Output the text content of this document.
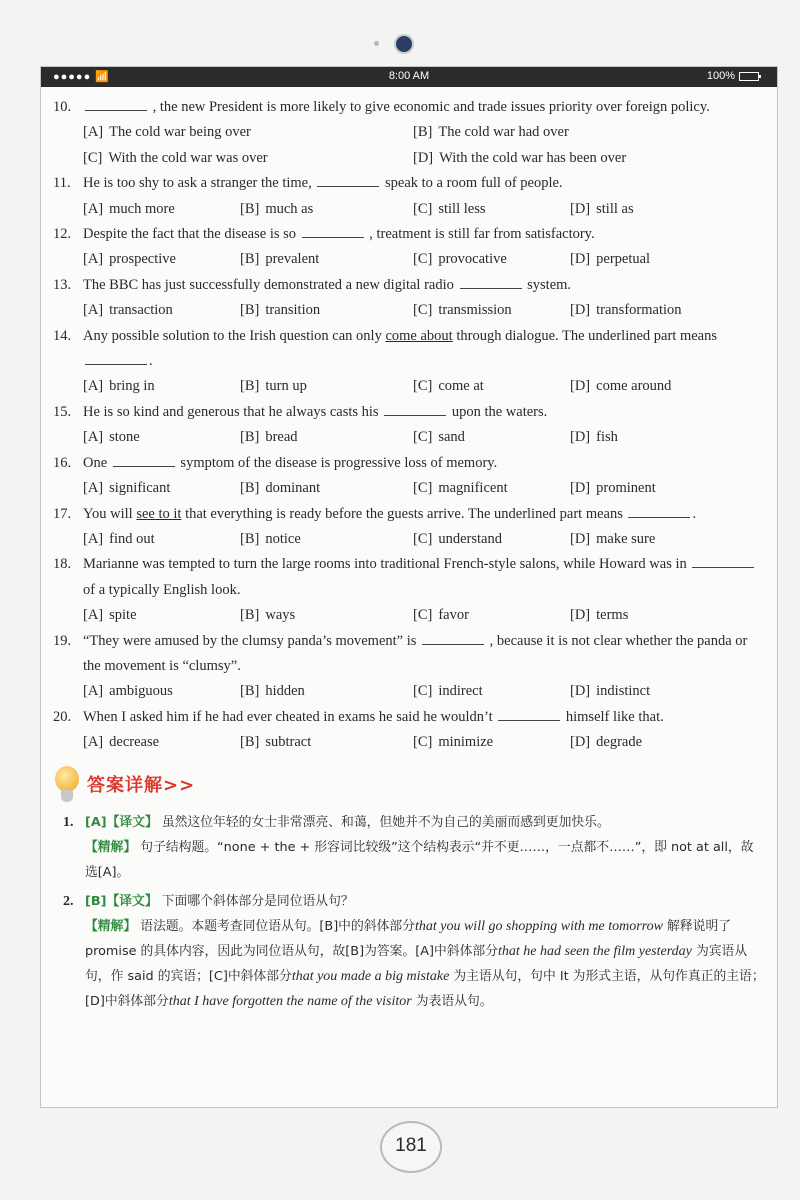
●●●●● 📶	8:00 AM	100%
10.	, the new President is more likely to give economic and trade issues priority over foreign policy.
[A] The cold war being over	[B] The cold war had over
[C] With the cold war was over	[D] With the cold war has been over
11. He is too shy to ask a stranger the time,	speak to a room full of people.
[A] much more	[B] much as	[C] still less	[D] still as
12. Despite the fact that the disease is so	, treatment is still far from satisfactory.
[A] prospective	[B] prevalent	[C] provocative	[D] perpetual
13. The BBC has just successfully demonstrated a new digital radio	system.
[A] transaction	[B] transition	[C] transmission	[D] transformation
14. Any possible solution to the Irish question can only come about through dialogue. The underlined part means .
[A] bring in	[B] turn up	[C] come at	[D] come around
15. He is so kind and generous that he always casts his	upon the waters.
[A] stone	[B] bread	[C] sand	[D] fish
16. One	symptom of the disease is progressive loss of memory.
[A] significant	[B] dominant	[C] magnificent	[D] prominent
17. You will see to it that everything is ready before the guests arrive. The underlined part means	.
[A] find out	[B] notice	[C] understand	[D] make sure
18. Marianne was tempted to turn the large rooms into traditional French-style salons, while Howard was in  of a typically English look.
[A] spite	[B] ways	[C] favor	[D] terms
19. “They were amused by the clumsy panda’s movement” is	, because it is not clear whether the panda or the movement is “clumsy”.
[A] ambiguous	[B] hidden	[C] indirect	[D] indistinct
20. When I asked him if he had ever cheated in exams he said he wouldn’t	himself like that.
[A] decrease	[B] subtract	[C] minimize	[D] degrade
答案详解>>
1. [A]【译文】 虽然这位年轻的女士非常漂亮、和蔼，但她并不为自己的美丽而感到更加快乐。
【精解】 句子结构题。“none + the + 形容词比较级”这个结构表示“并不更……，一点都不……”，即 not at all，故选[A]。
2. [B]【译文】 下面哪个斜体部分是同位语从句？
【精解】 语法题。本题考查同位语从句。[B]中的斜体部分that you will go shopping with me tomorrow 解释说明了 promise 的具体内容，因此为同位语从句，故[B]为答案。[A]中斜体部分that he had seen the film yesterday 为宾语从句，作 said 的宾语；[C]中斜体部分that you made a big mistake 为主语从句，句中 It 为形式主语，从句作真正的主语；[D]中斜体部分that I have forgotten the name of the visitor 为表语从句。
181
